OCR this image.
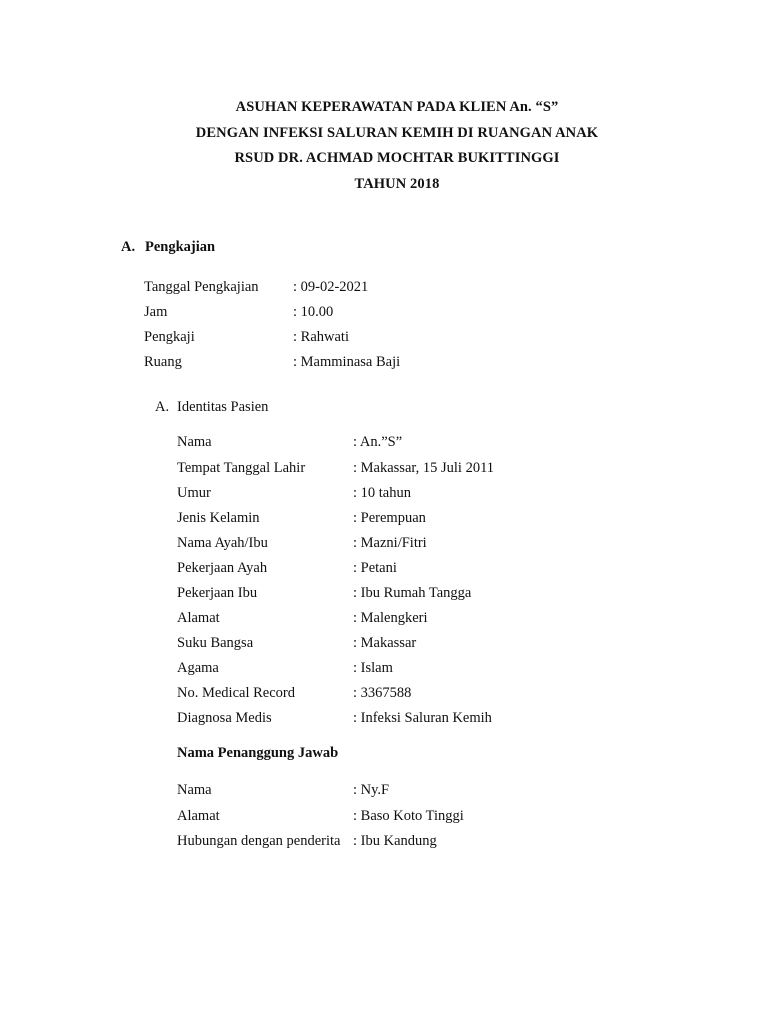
ASUHAN KEPERAWATAN PADA KLIEN An. “S”
DENGAN INFEKSI SALURAN KEMIH DI RUANGAN ANAK
RSUD DR. ACHMAD MOCHTAR BUKITTINGGI
TAHUN 2018
A. Pengkajian
Tanggal Pengkajian : 09-02-2021
Jam	: 10.00
Pengkaji	: Rahwati
Ruang	: Mamminasa Baji
A. Identitas Pasien
Nama	: An.”S”
Tempat Tanggal Lahir	: Makassar, 15 Juli 2011
Umur	: 10 tahun
Jenis Kelamin	: Perempuan
Nama Ayah/Ibu	: Mazni/Fitri
Pekerjaan Ayah	: Petani
Pekerjaan Ibu	: Ibu Rumah Tangga
Alamat	: Malengkeri
Suku Bangsa	: Makassar
Agama	: Islam
No. Medical Record	: 3367588
Diagnosa Medis	: Infeksi Saluran Kemih
Nama Penanggung Jawab
Nama	: Ny.F
Alamat	: Baso Koto Tinggi
Hubungan dengan penderita : Ibu Kandung
